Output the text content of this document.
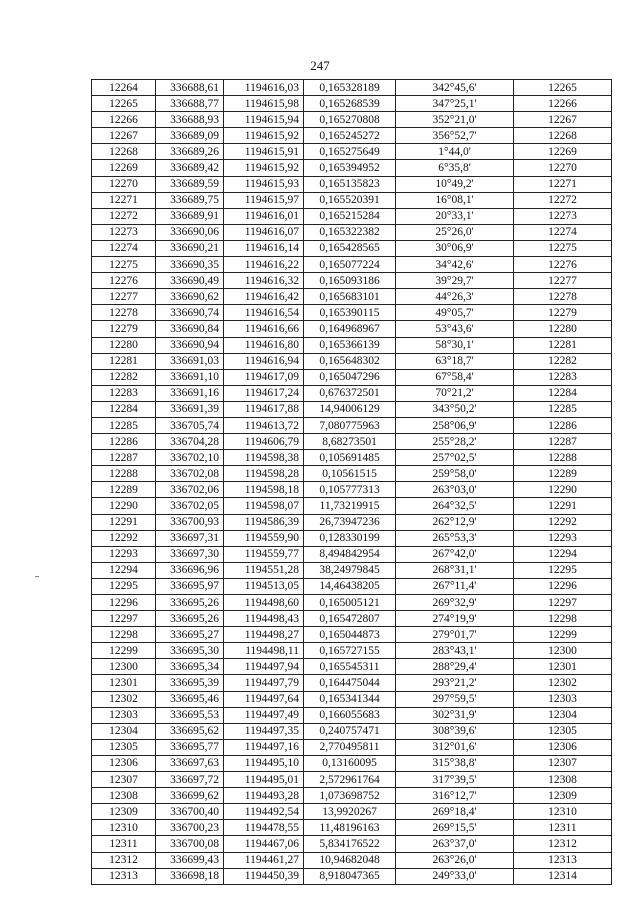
247
12264	336688,61	1194616,03	0,165328189	342°45,6'	12265
12265	336688,77	1194615,98	0,165268539	347°25,1'	12266
12266	336688,93	1194615,94	0,165270808	352°21,0'	12267
12267	336689,09	1194615,92	0,165245272	356°52,7'	12268
12268	336689,26	1194615,91	0,165275649	1°44,0'	12269
12269	336689,42	1194615,92	0,165394952	6°35,8'	12270
12270	336689,59	1194615,93	0,165135823	10°49,2'	12271
12271	336689,75	1194615,97	0,165520391	16°08,1'	12272
12272	336689,91	1194616,01	0,165215284	20°33,1'	12273
12273	336690,06	1194616,07	0,165322382	25°26,0'	12274
12274	336690,21	1194616,14	0,165428565	30°06,9'	12275
12275	336690,35	1194616,22	0,165077224	34°42,6'	12276
12276	336690,49	1194616,32	0,165093186	39°29,7'	12277
12277	336690,62	1194616,42	0,165683101	44°26,3'	12278
12278	336690,74	1194616,54	0,165390115	49°05,7'	12279
12279	336690,84	1194616,66	0,164968967	53°43,6'	12280
12280	336690,94	1194616,80	0,165366139	58°30,1'	12281
12281	336691,03	1194616,94	0,165648302	63°18,7'	12282
12282	336691,10	1194617,09	0,165047296	67°58,4'	12283
12283	336691,16	1194617,24	0,676372501	70°21,2'	12284
12284	336691,39	1194617,88	14,94006129	343°50,2'	12285
12285	336705,74	1194613,72	7,080775963	258°06,9'	12286
12286	336704,28	1194606,79	8,68273501	255°28,2'	12287
12287	336702,10	1194598,38	0,105691485	257°02,5'	12288
12288	336702,08	1194598,28	0,10561515	259°58,0'	12289
12289	336702,06	1194598,18	0,105777313	263°03,0'	12290
12290	336702,05	1194598,07	11,73219915	264°32,5'	12291
12291	336700,93	1194586,39	26,73947236	262°12,9'	12292
12292	336697,31	1194559,90	0,128330199	265°53,3'	12293
12293	336697,30	1194559,77	8,494842954	267°42,0'	12294
12294	336696,96	1194551,28	38,24979845	268°31,1'	12295
12295	336695,97	1194513,05	14,46438205	267°11,4'	12296
12296	336695,26	1194498,60	0,165005121	269°32,9'	12297
12297	336695,26	1194498,43	0,165472807	274°19,9'	12298
12298	336695,27	1194498,27	0,165044873	279°01,7'	12299
12299	336695,30	1194498,11	0,165727155	283°43,1'	12300
12300	336695,34	1194497,94	0,165545311	288°29,4'	12301
12301	336695,39	1194497,79	0,164475044	293°21,2'	12302
12302	336695,46	1194497,64	0,165341344	297°59,5'	12303
12303	336695,53	1194497,49	0,166055683	302°31,9'	12304
12304	336695,62	1194497,35	0,240757471	308°39,6'	12305
12305	336695,77	1194497,16	2,770495811	312°01,6'	12306
12306	336697,63	1194495,10	0,13160095	315°38,8'	12307
12307	336697,72	1194495,01	2,572961764	317°39,5'	12308
12308	336699,62	1194493,28	1,073698752	316°12,7'	12309
12309	336700,40	1194492,54	13,9920267	269°18,4'	12310
12310	336700,23	1194478,55	11,48196163	269°15,5'	12311
12311	336700,08	1194467,06	5,834176522	263°37,0'	12312
12312	336699,43	1194461,27	10,94682048	263°26,0'	12313
12313	336698,18	1194450,39	8,918047365	249°33,0'	12314
